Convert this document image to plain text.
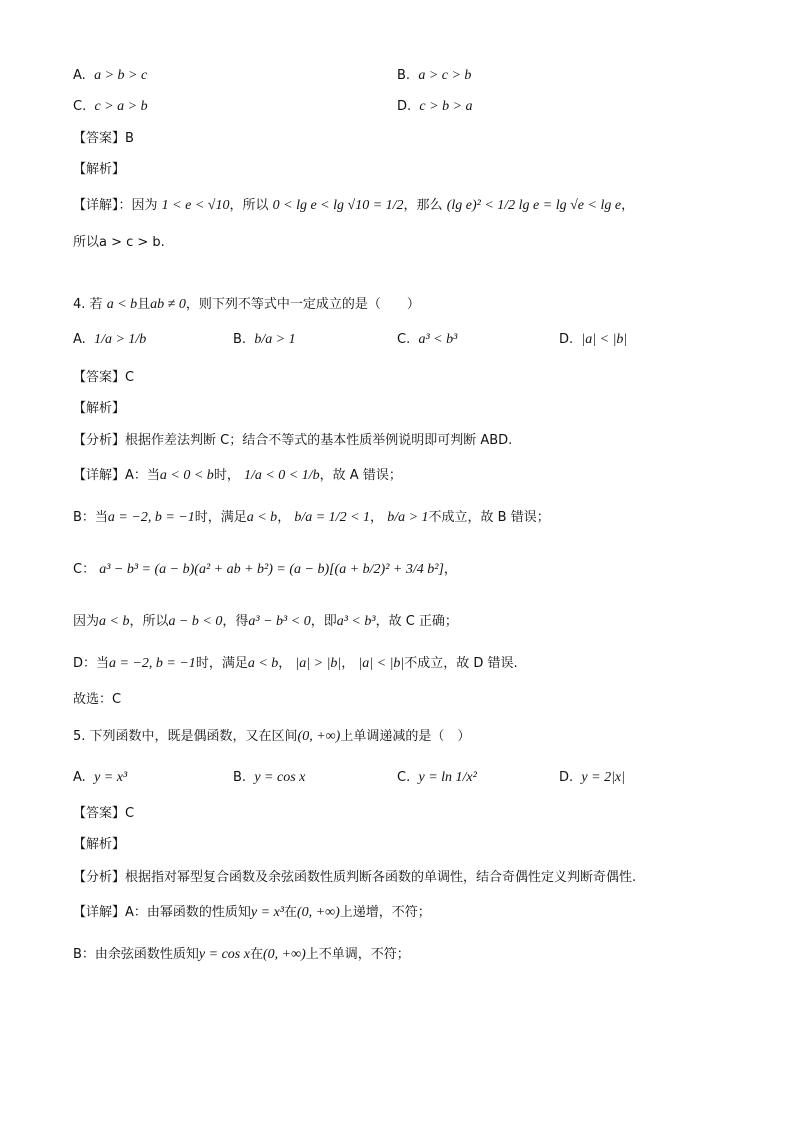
A. a > b > c	B. a > c > b
C. c > a > b	D. c > b > a
【答案】B
【解析】
【详解】：因为 1 < e < √10，所以 0 < lg e < lg √10 = 1/2，那么 (lg e)² < 1/2 lg e = lg √e < lg e，
所以a > c > b.
4. 若 a < b且ab ≠ 0，则下列不等式中一定成立的是（　　）
A. 1/a > 1/b	B. b/a > 1	C. a³ < b³	D. |a| < |b|
【答案】C
【解析】
【分析】根据作差法判断 C；结合不等式的基本性质举例说明即可判断 ABD.
【详解】A：当a < 0 < b时， 1/a < 0 < 1/b，故 A 错误；
B：当a = −2, b = −1时，满足a < b， b/a = 1/2 < 1， b/a > 1不成立，故 B 错误；
C： a³ − b³ = (a − b)(a² + ab + b²) = (a − b)[(a + b/2)² + 3/4 b²]，
因为a < b，所以a − b < 0，得a³ − b³ < 0，即a³ < b³，故 C 正确；
D：当a = −2, b = −1时，满足a < b， |a| > |b|， |a| < |b|不成立，故 D 错误.
故选：C
5. 下列函数中，既是偶函数，又在区间(0, +∞)上单调递减的是（　）
A. y = x³	B. y = cos x	C. y = ln 1/x²	D. y = 2|x|
【答案】C
【解析】
【分析】根据指对幂型复合函数及余弦函数性质判断各函数的单调性，结合奇偶性定义判断奇偶性.
【详解】A：由幂函数的性质知y = x³在(0, +∞)上递增，不符；
B：由余弦函数性质知y = cos x在(0, +∞)上不单调，不符；
